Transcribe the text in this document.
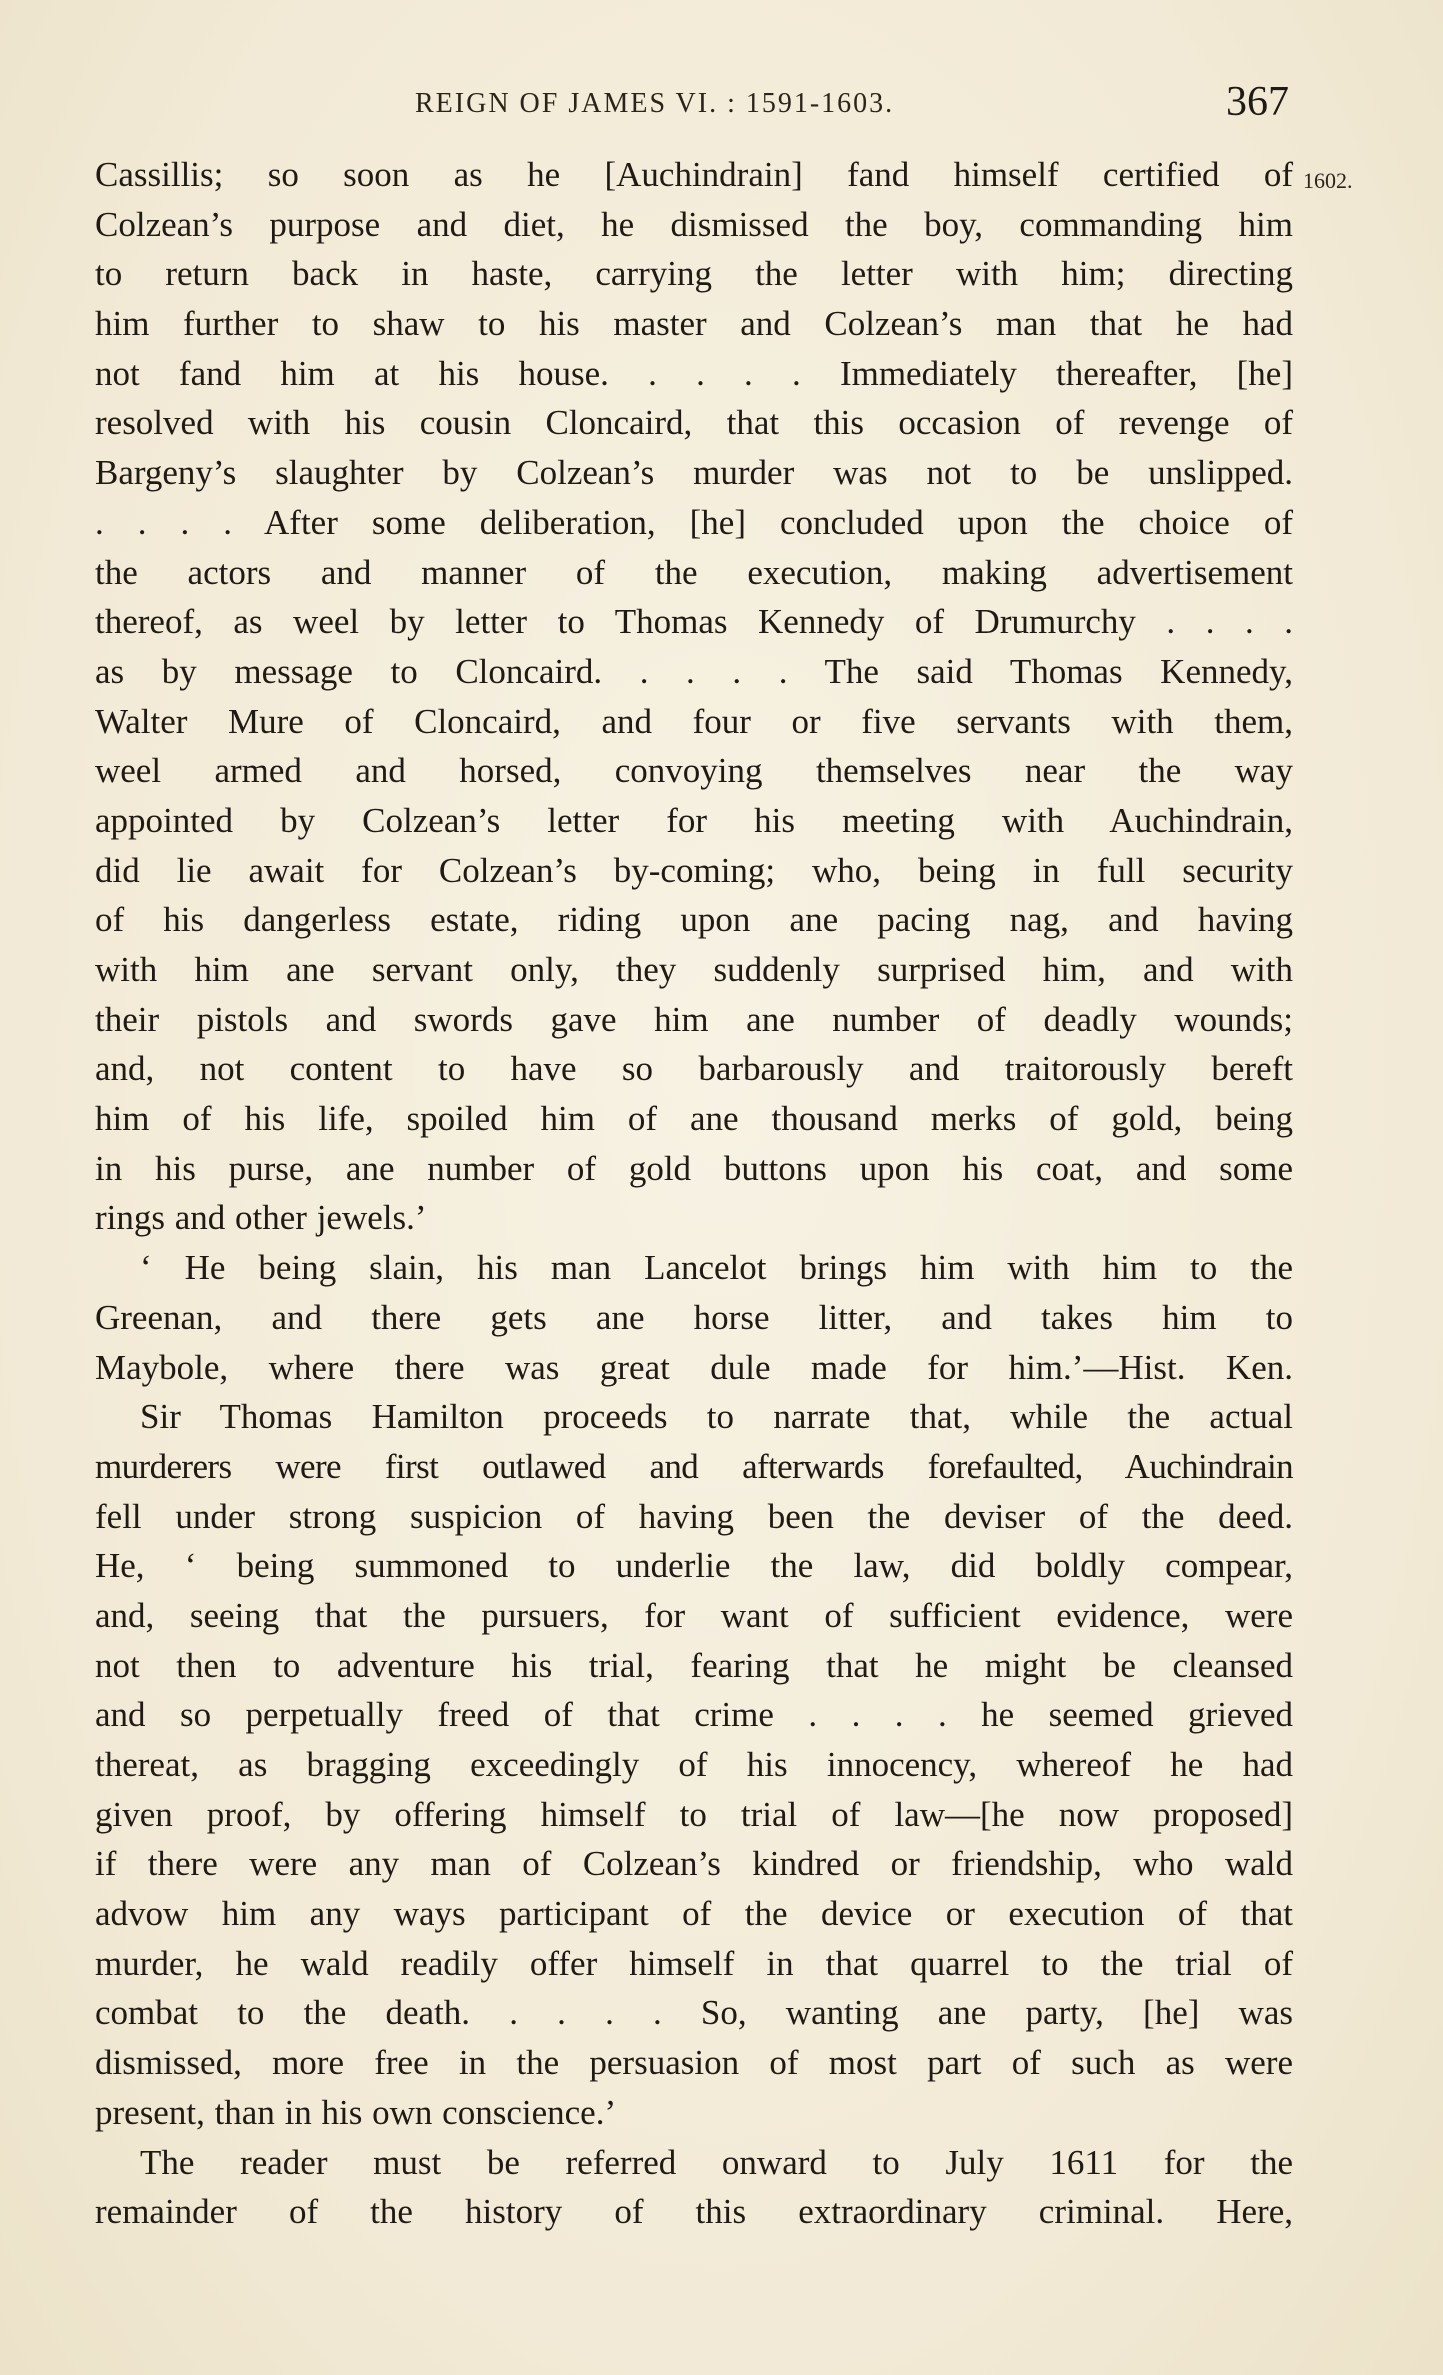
REIGN OF JAMES VI. : 1591-1603.	367
1602.
Cassillis; so soon as he [Auchindrain] fand himself certified of
Colzean’s purpose and diet, he dismissed the boy, commanding him
to return back in haste, carrying the letter with him; directing
him further to shaw to his master and Colzean’s man that he had
not fand him at his house. . . . . Immediately thereafter, [he]
resolved with his cousin Cloncaird, that this occasion of revenge of
Bargeny’s slaughter by Colzean’s murder was not to be unslipped.
. . . . After some deliberation, [he] concluded upon the choice of
the actors and manner of the execution, making advertisement
thereof, as weel by letter to Thomas Kennedy of Drumurchy . . . .
as by message to Cloncaird. . . . . The said Thomas Kennedy,
Walter Mure of Cloncaird, and four or five servants with them,
weel armed and horsed, convoying themselves near the way
appointed by Colzean’s letter for his meeting with Auchindrain,
did lie await for Colzean’s by-coming; who, being in full security
of his dangerless estate, riding upon ane pacing nag, and having
with him ane servant only, they suddenly surprised him, and with
their pistols and swords gave him ane number of deadly wounds;
and, not content to have so barbarously and traitorously bereft
him of his life, spoiled him of ane thousand merks of gold, being
in his purse, ane number of gold buttons upon his coat, and some
rings and other jewels.’
‘ He being slain, his man Lancelot brings him with him to the
Greenan, and there gets ane horse litter, and takes him to
Maybole, where there was great dule made for him.’—Hist. Ken.
Sir Thomas Hamilton proceeds to narrate that, while the actual
murderers were first outlawed and afterwards forefaulted, Auchindrain
fell under strong suspicion of having been the deviser of the deed.
He, ‘ being summoned to underlie the law, did boldly compear,
and, seeing that the pursuers, for want of sufficient evidence, were
not then to adventure his trial, fearing that he might be cleansed
and so perpetually freed of that crime . . . . he seemed grieved
thereat, as bragging exceedingly of his innocency, whereof he had
given proof, by offering himself to trial of law—[he now proposed]
if there were any man of Colzean’s kindred or friendship, who wald
advow him any ways participant of the device or execution of that
murder, he wald readily offer himself in that quarrel to the trial of
combat to the death. . . . . So, wanting ane party, [he] was
dismissed, more free in the persuasion of most part of such as were
present, than in his own conscience.’
The reader must be referred onward to July 1611 for the
remainder of the history of this extraordinary criminal. Here,
